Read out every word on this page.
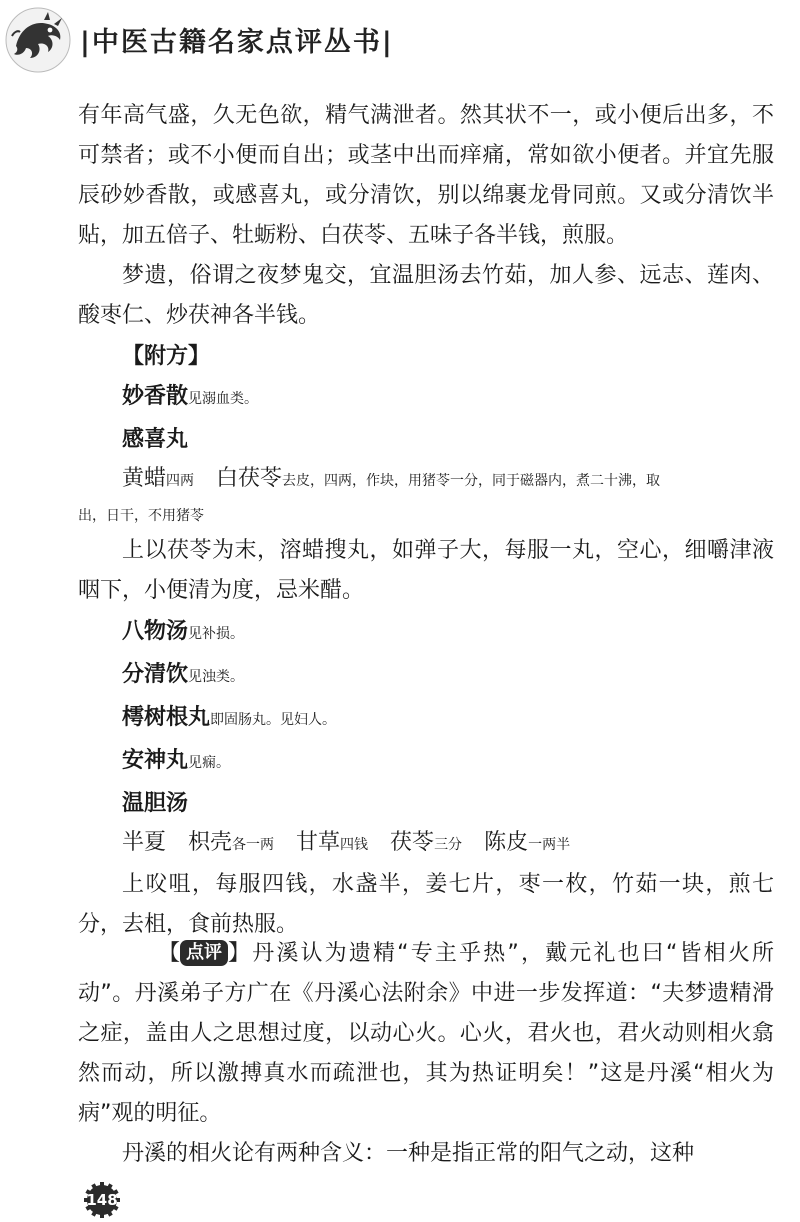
|中医古籍名家点评丛书|

有年高气盛，久无色欲，精气满泄者。然其状不一，或小便后出多，不可禁者；或不小便而自出；或茎中出而痒痛，常如欲小便者。并宜先服辰砂妙香散，或感喜丸，或分清饮，别以绵裹龙骨同煎。又或分清饮半贴，加五倍子、牡蛎粉、白茯苓、五味子各半钱，煎服。

梦遗，俗谓之夜梦鬼交，宜温胆汤去竹茹，加人参、远志、莲肉、酸枣仁、炒茯神各半钱。

【附方】

妙香散见溺血类。

感喜丸

黄蜡四两 白茯苓去皮，四两，作块，用猪苓一分，同于磁器内，煮二十沸，取

出，日干，不用猪苓

上以茯苓为末，溶蜡搜丸，如弹子大，每服一丸，空心，细嚼津液咽下，小便清为度，忌米醋。

八物汤见补损。

分清饮见浊类。

樗树根丸即固肠丸。见妇人。

安神丸见痫。

温胆汤

半夏 枳壳各一两 甘草四钱 茯苓三分 陈皮一两半

上㕮咀，每服四钱，水盏半，姜七片，枣一枚，竹茹一块，煎七分，去柤，食前热服。

【 点评 】丹溪认为遗精“专主乎热”，戴元礼也曰“皆相火所动”。丹溪弟子方广在《丹溪心法附余》中进一步发挥道：“夫梦遗精滑之症，盖由人之思想过度，以动心火。心火，君火也，君火动则相火翕然而动，所以激搏真水而疏泄也，其为热证明矣！”这是丹溪“相火为病”观的明征。

丹溪的相火论有两种含义：一种是指正常的阳气之动，这种

148
